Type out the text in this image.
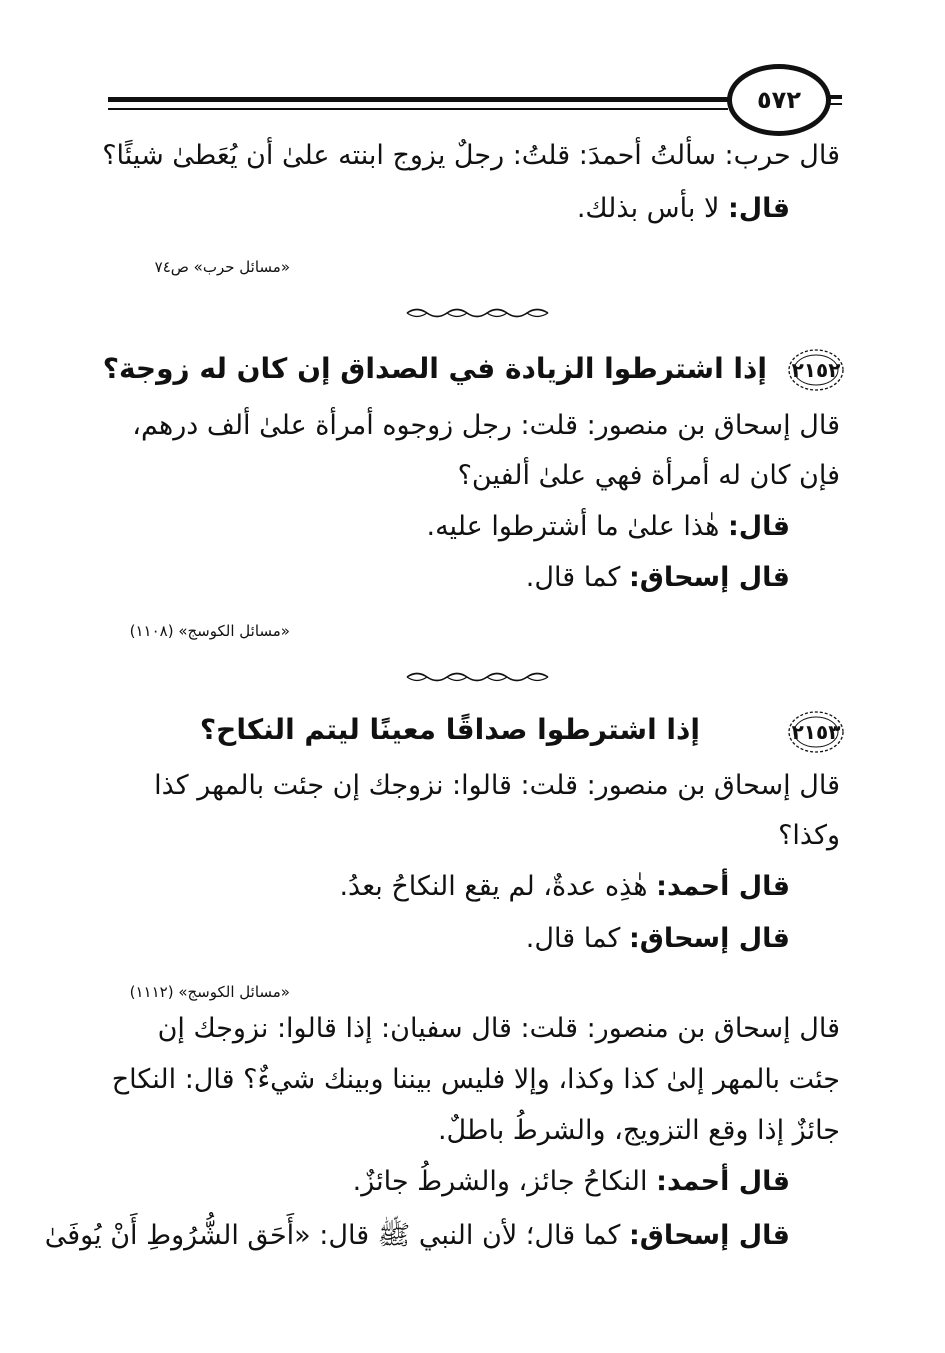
٥٧٢
قال حرب: سألتُ أحمدَ: قلتُ: رجلٌ يزوج ابنته علىٰ أن يُعَطىٰ شيئًا؟
قال: لا بأس بذلك.
«مسائل حرب» ص٧٤
٢١٥٢
إذا اشترطوا الزيادة في الصداق إن كان له زوجة؟
قال إسحاق بن منصور: قلت: رجل زوجوه أمرأة علىٰ ألف درهم،
فإن كان له أمرأة فهي علىٰ ألفين؟
قال: هٰذا علىٰ ما أشترطوا عليه.
قال إسحاق: كما قال.
«مسائل الكوسج» (١١٠٨)
٢١٥٣
إذا اشترطوا صداقًا معينًا ليتم النكاح؟
قال إسحاق بن منصور: قلت: قالوا: نزوجك إن جئت بالمهر كذا
وكذا؟
قال أحمد: هٰذِه عدةٌ، لم يقع النكاحُ بعدُ.
قال إسحاق: كما قال.
«مسائل الكوسج» (١١١٢)
قال إسحاق بن منصور: قلت: قال سفيان: إذا قالوا: نزوجك إن
جئت بالمهر إلىٰ كذا وكذا، وإلا فليس بيننا وبينك شيءٌ؟ قال: النكاح
جائزٌ إذا وقع التزويج، والشرطُ باطلٌ.
قال أحمد: النكاحُ جائز، والشرطُ جائزٌ.
قال إسحاق: كما قال؛ لأن النبي ﷺ قال: «أَحَق الشُّرُوطِ أَنْ يُوفَىٰ
